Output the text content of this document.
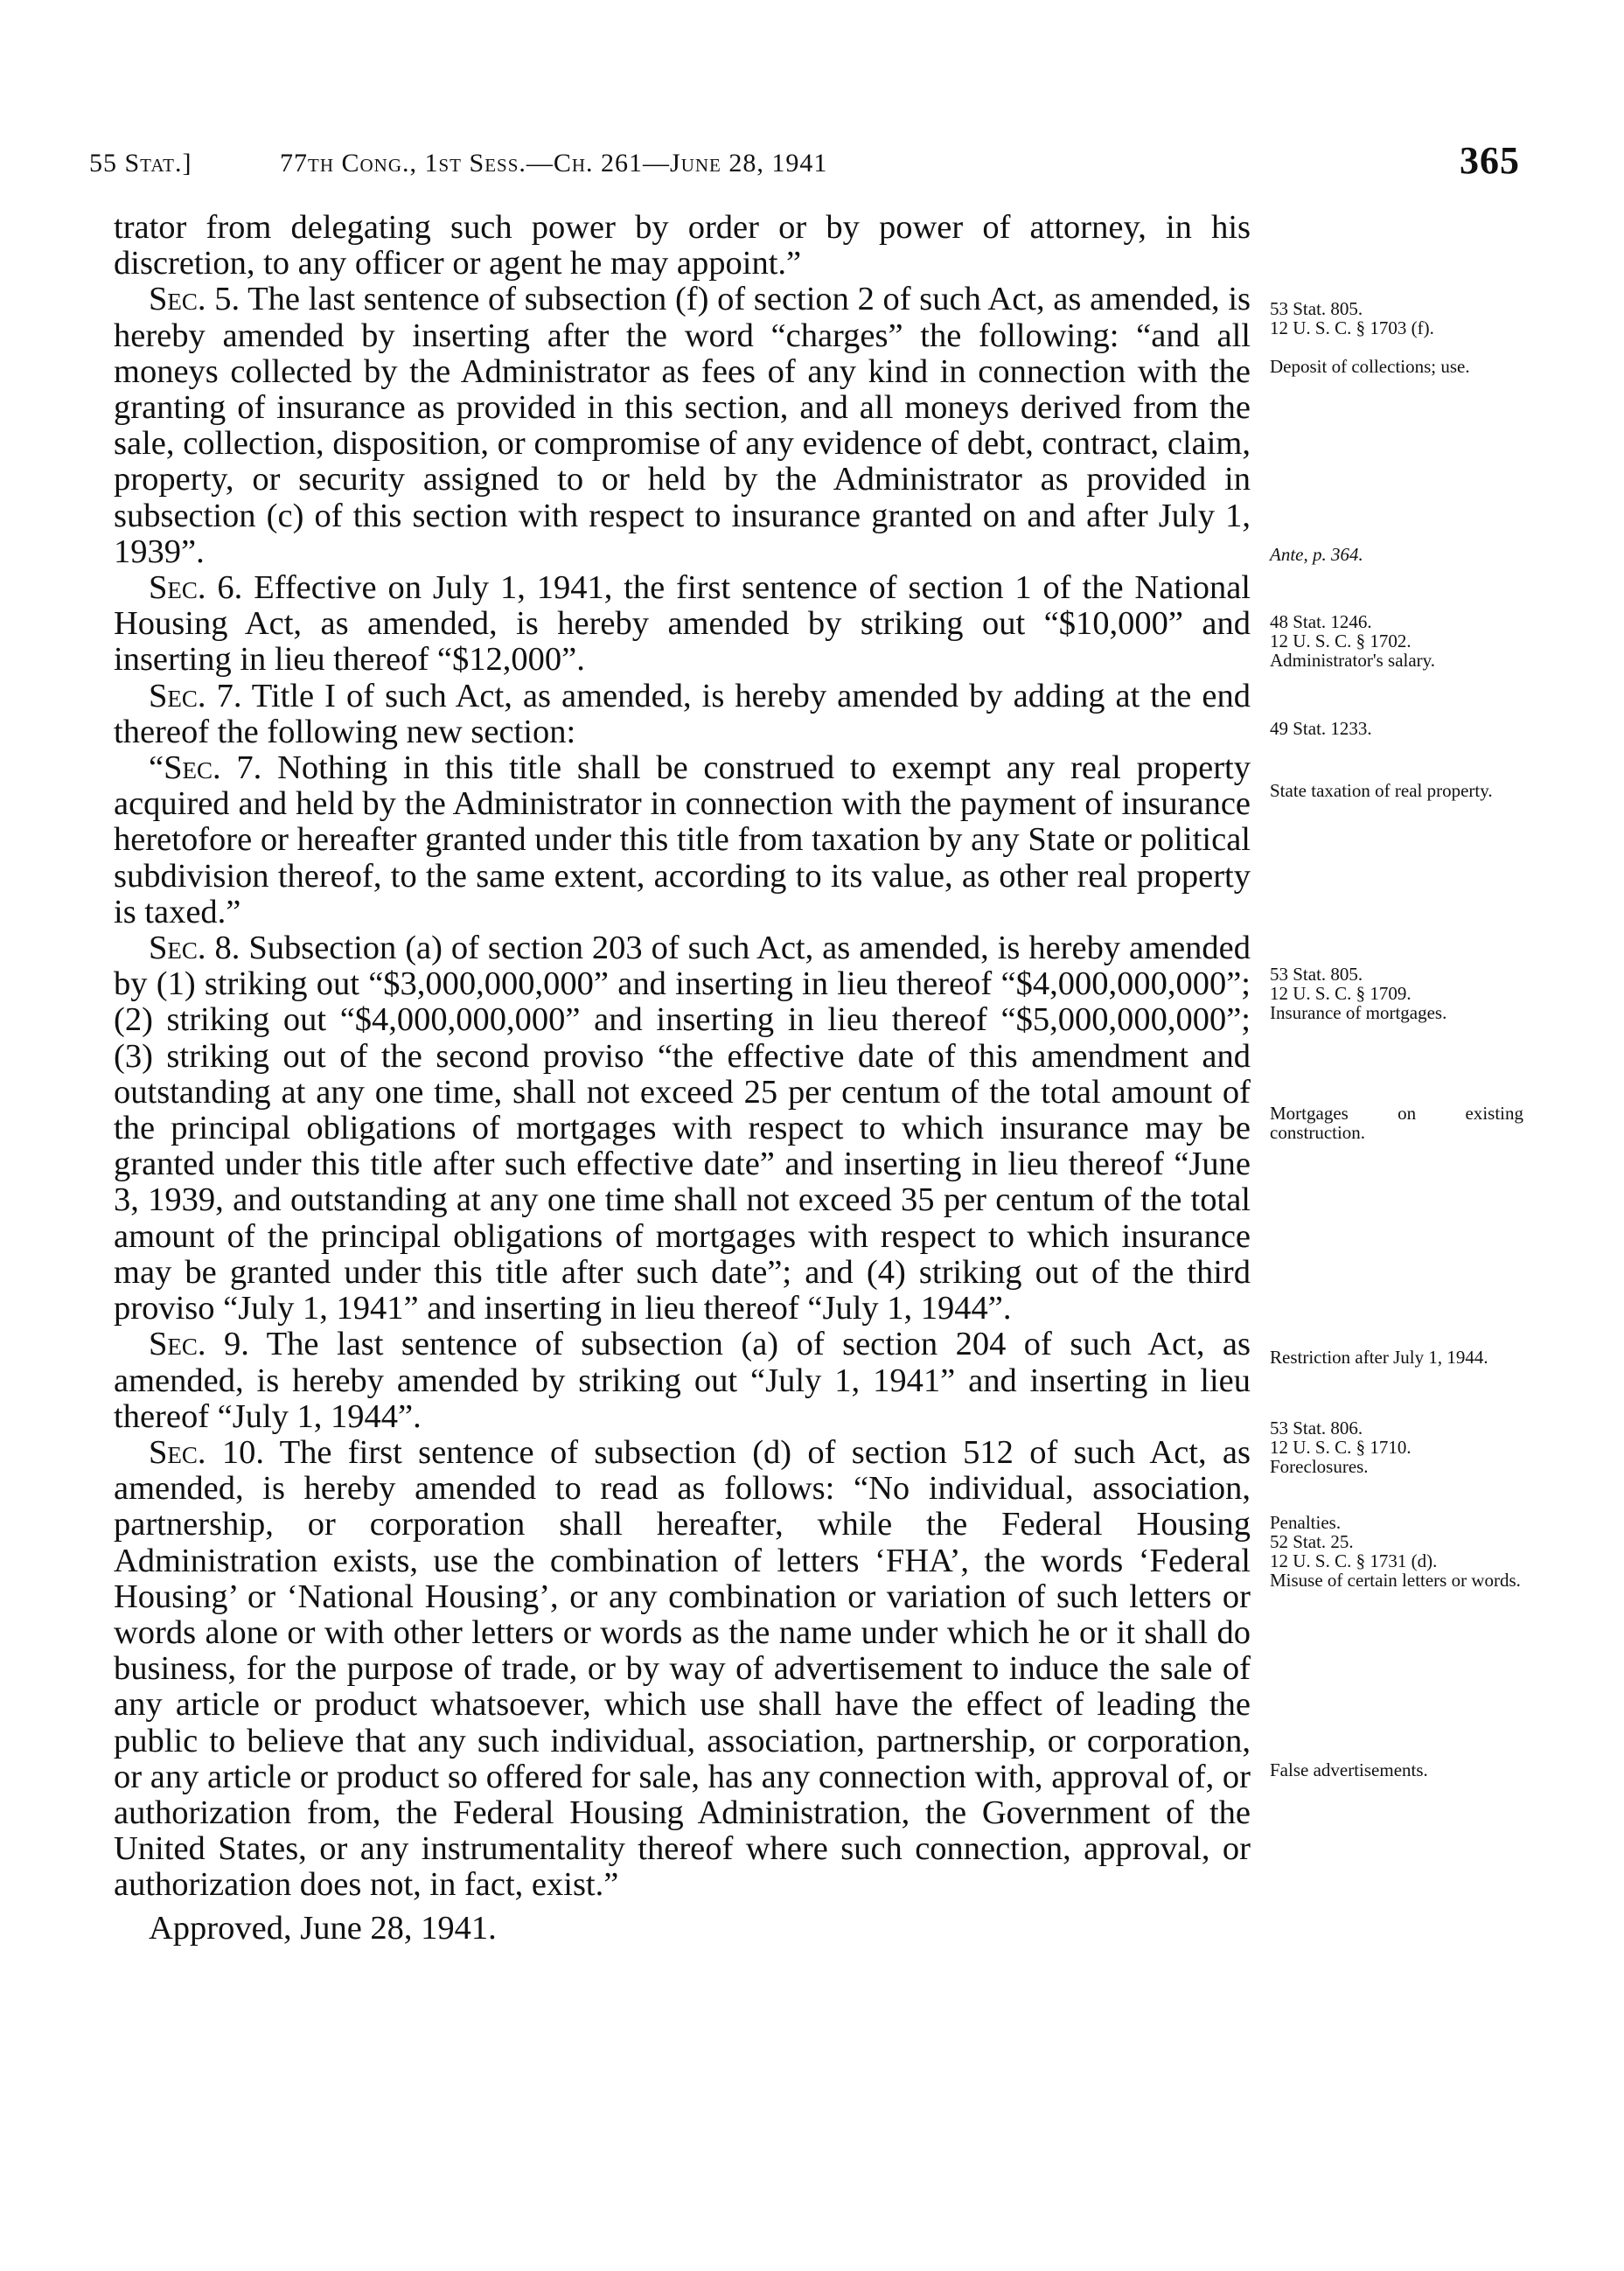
55 Stat.]	77th Cong., 1st Sess.—Ch. 261—June 28, 1941	365

trator from delegating such power by order or by power of attorney, in his discretion, to any officer or agent he may appoint.”

Sec. 5. The last sentence of subsection (f) of section 2 of such Act, as amended, is hereby amended by inserting after the word “charges” the following: “and all moneys collected by the Administrator as fees of any kind in connection with the granting of insurance as provided in this section, and all moneys derived from the sale, collection, disposition, or compromise of any evidence of debt, contract, claim, property, or security assigned to or held by the Administrator as provided in subsection (c) of this section with respect to insurance granted on and after July 1, 1939”.

Sec. 6. Effective on July 1, 1941, the first sentence of section 1 of the National Housing Act, as amended, is hereby amended by striking out “$10,000” and inserting in lieu thereof “$12,000”.

Sec. 7. Title I of such Act, as amended, is hereby amended by adding at the end thereof the following new section:

“Sec. 7. Nothing in this title shall be construed to exempt any real property acquired and held by the Administrator in connection with the payment of insurance heretofore or hereafter granted under this title from taxation by any State or political subdivision thereof, to the same extent, according to its value, as other real property is taxed.”

Sec. 8. Subsection (a) of section 203 of such Act, as amended, is hereby amended by (1) striking out “$3,000,000,000” and inserting in lieu thereof “$4,000,000,000”; (2) striking out “$4,000,000,000” and inserting in lieu thereof “$5,000,000,000”; (3) striking out of the second proviso “the effective date of this amendment and outstanding at any one time, shall not exceed 25 per centum of the total amount of the principal obligations of mortgages with respect to which insurance may be granted under this title after such effective date” and inserting in lieu thereof “June 3, 1939, and outstanding at any one time shall not exceed 35 per centum of the total amount of the principal obligations of mortgages with respect to which insurance may be granted under this title after such date”; and (4) striking out of the third proviso “July 1, 1941” and inserting in lieu thereof “July 1, 1944”.

Sec. 9. The last sentence of subsection (a) of section 204 of such Act, as amended, is hereby amended by striking out “July 1, 1941” and inserting in lieu thereof “July 1, 1944”.

Sec. 10. The first sentence of subsection (d) of section 512 of such Act, as amended, is hereby amended to read as follows: “No individual, association, partnership, or corporation shall hereafter, while the Federal Housing Administration exists, use the combination of letters ‘FHA’, the words ‘Federal Housing’ or ‘National Housing’, or any combination or variation of such letters or words alone or with other letters or words as the name under which he or it shall do business, for the purpose of trade, or by way of advertisement to induce the sale of any article or product whatsoever, which use shall have the effect of leading the public to believe that any such individual, association, partnership, or corporation, or any article or product so offered for sale, has any connection with, approval of, or authorization from, the Federal Housing Administration, the Government of the United States, or any instrumentality thereof where such connection, approval, or authorization does not, in fact, exist.”

Approved, June 28, 1941.

53 Stat. 805.
12 U. S. C. § 1703 (f).
Deposit of collections; use.
Ante, p. 364.
48 Stat. 1246.
12 U. S. C. § 1702.
Administrator's salary.
49 Stat. 1233.
State taxation of real property.
53 Stat. 805.
12 U. S. C. § 1709.
Insurance of mortgages.
Mortgages on existing construction.
Restriction after July 1, 1944.
53 Stat. 806.
12 U. S. C. § 1710.
Foreclosures.
Penalties.
52 Stat. 25.
12 U. S. C. § 1731 (d).
Misuse of certain letters or words.
False advertisements.
